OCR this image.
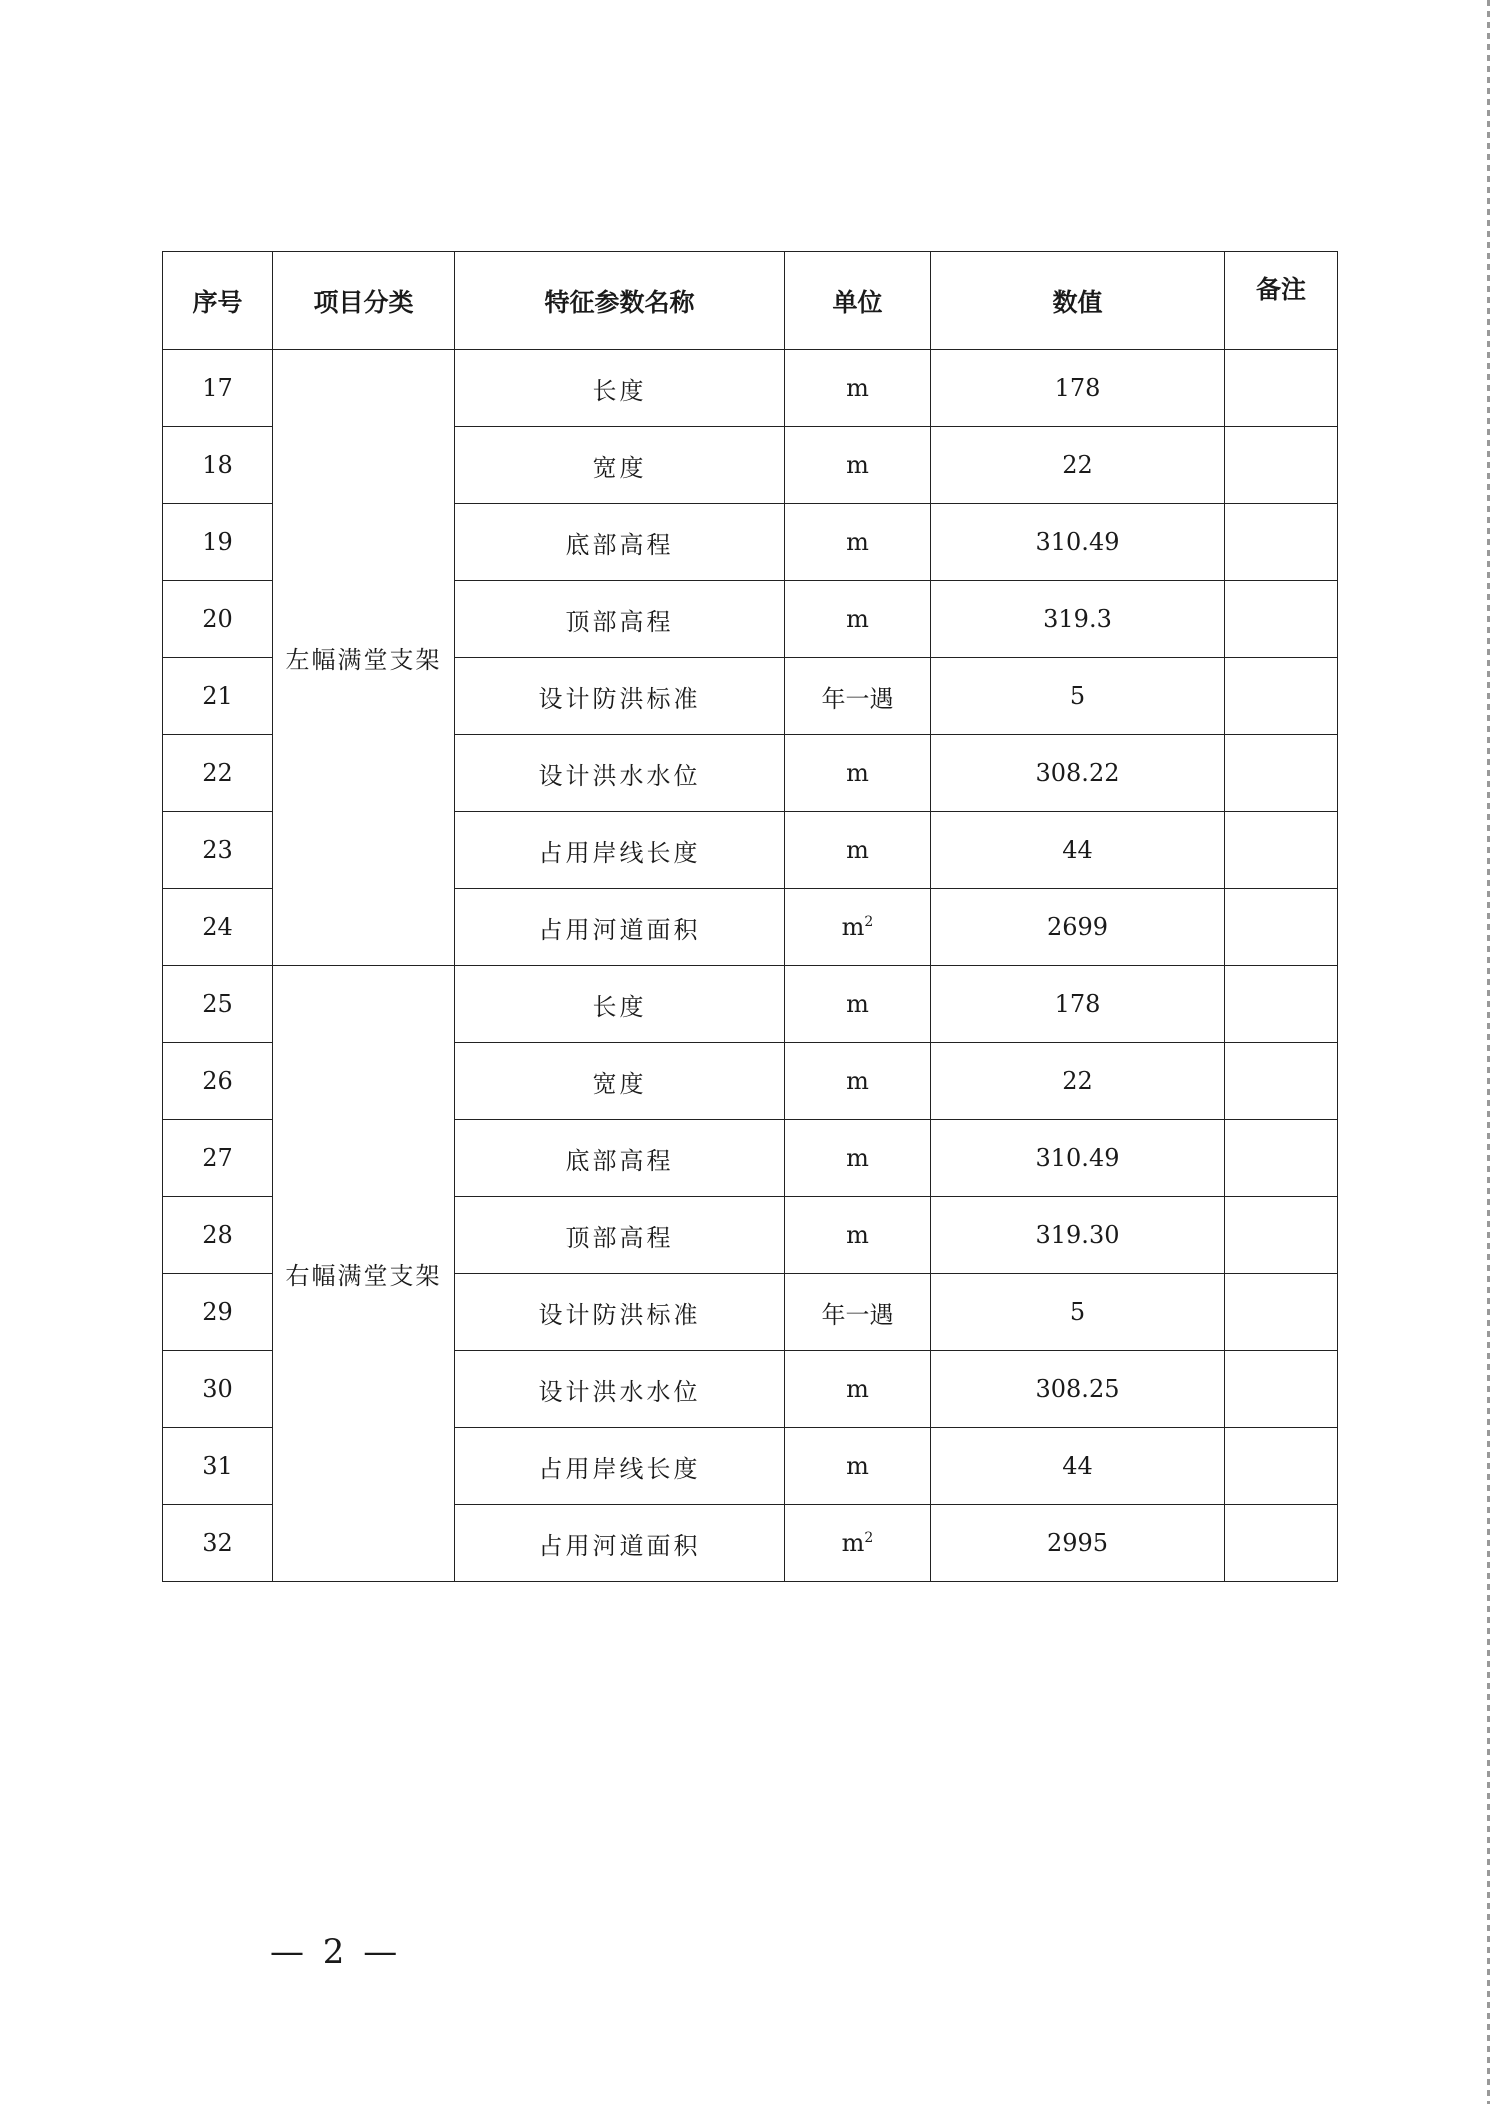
序号	项目分类	特征参数名称	单位	数值	备注
17	左幅满堂支架	长度	m	178	
18		宽度	m	22	
19		底部高程	m	310.49	
20		顶部高程	m	319.3	
21		设计防洪标准	年一遇	5	
22		设计洪水水位	m	308.22	
23		占用岸线长度	m	44	
24		占用河道面积	$m^2$	2699	
25	右幅满堂支架	长度	m	178	
26		宽度	m	22	
27		底部高程	m	310.49	
28		顶部高程	m	319.30	
29		设计防洪标准	年一遇	5	
30		设计洪水水位	m	308.25	
31		占用岸线长度	m	44	
32		占用河道面积	$m^2$	2995	
— 2 —
